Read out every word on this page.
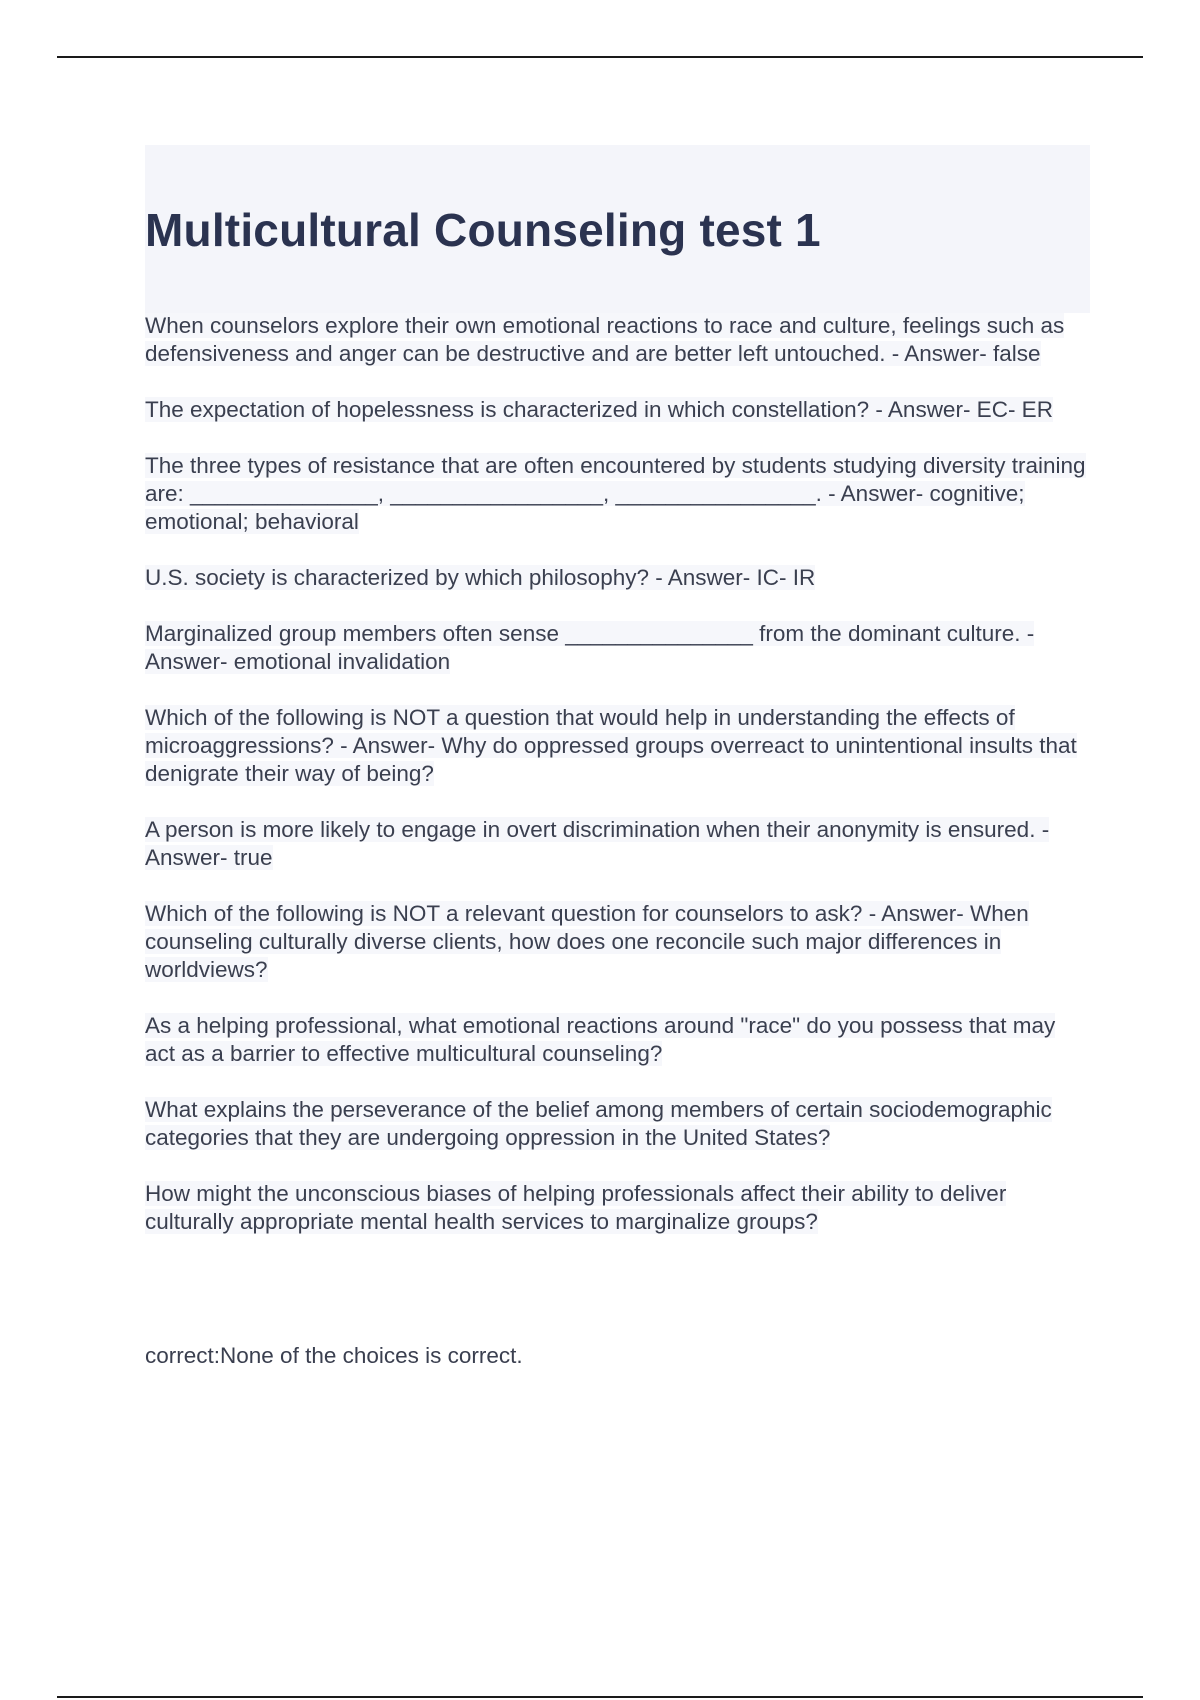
Multicultural Counseling test 1
When counselors explore their own emotional reactions to race and culture, feelings such as defensiveness and anger can be destructive and are better left untouched. - Answer- false
The expectation of hopelessness is characterized in which constellation? - Answer- EC- ER
The three types of resistance that are often encountered by students studying diversity training are: _______________, _________________, ________________. - Answer- cognitive; emotional; behavioral
U.S. society is characterized by which philosophy? - Answer- IC- IR
Marginalized group members often sense _______________ from the dominant culture. - Answer- emotional invalidation
Which of the following is NOT a question that would help in understanding the effects of microaggressions? - Answer- Why do oppressed groups overreact to unintentional insults that denigrate their way of being?
A person is more likely to engage in overt discrimination when their anonymity is ensured. - Answer- true
Which of the following is NOT a relevant question for counselors to ask? - Answer- When counseling culturally diverse clients, how does one reconcile such major differences in worldviews?
As a helping professional, what emotional reactions around "race" do you possess that may act as a barrier to effective multicultural counseling?
What explains the perseverance of the belief among members of certain sociodemographic categories that they are undergoing oppression in the United States?
How might the unconscious biases of helping professionals affect their ability to deliver culturally appropriate mental health services to marginalize groups?

correct:None of the choices is correct.
